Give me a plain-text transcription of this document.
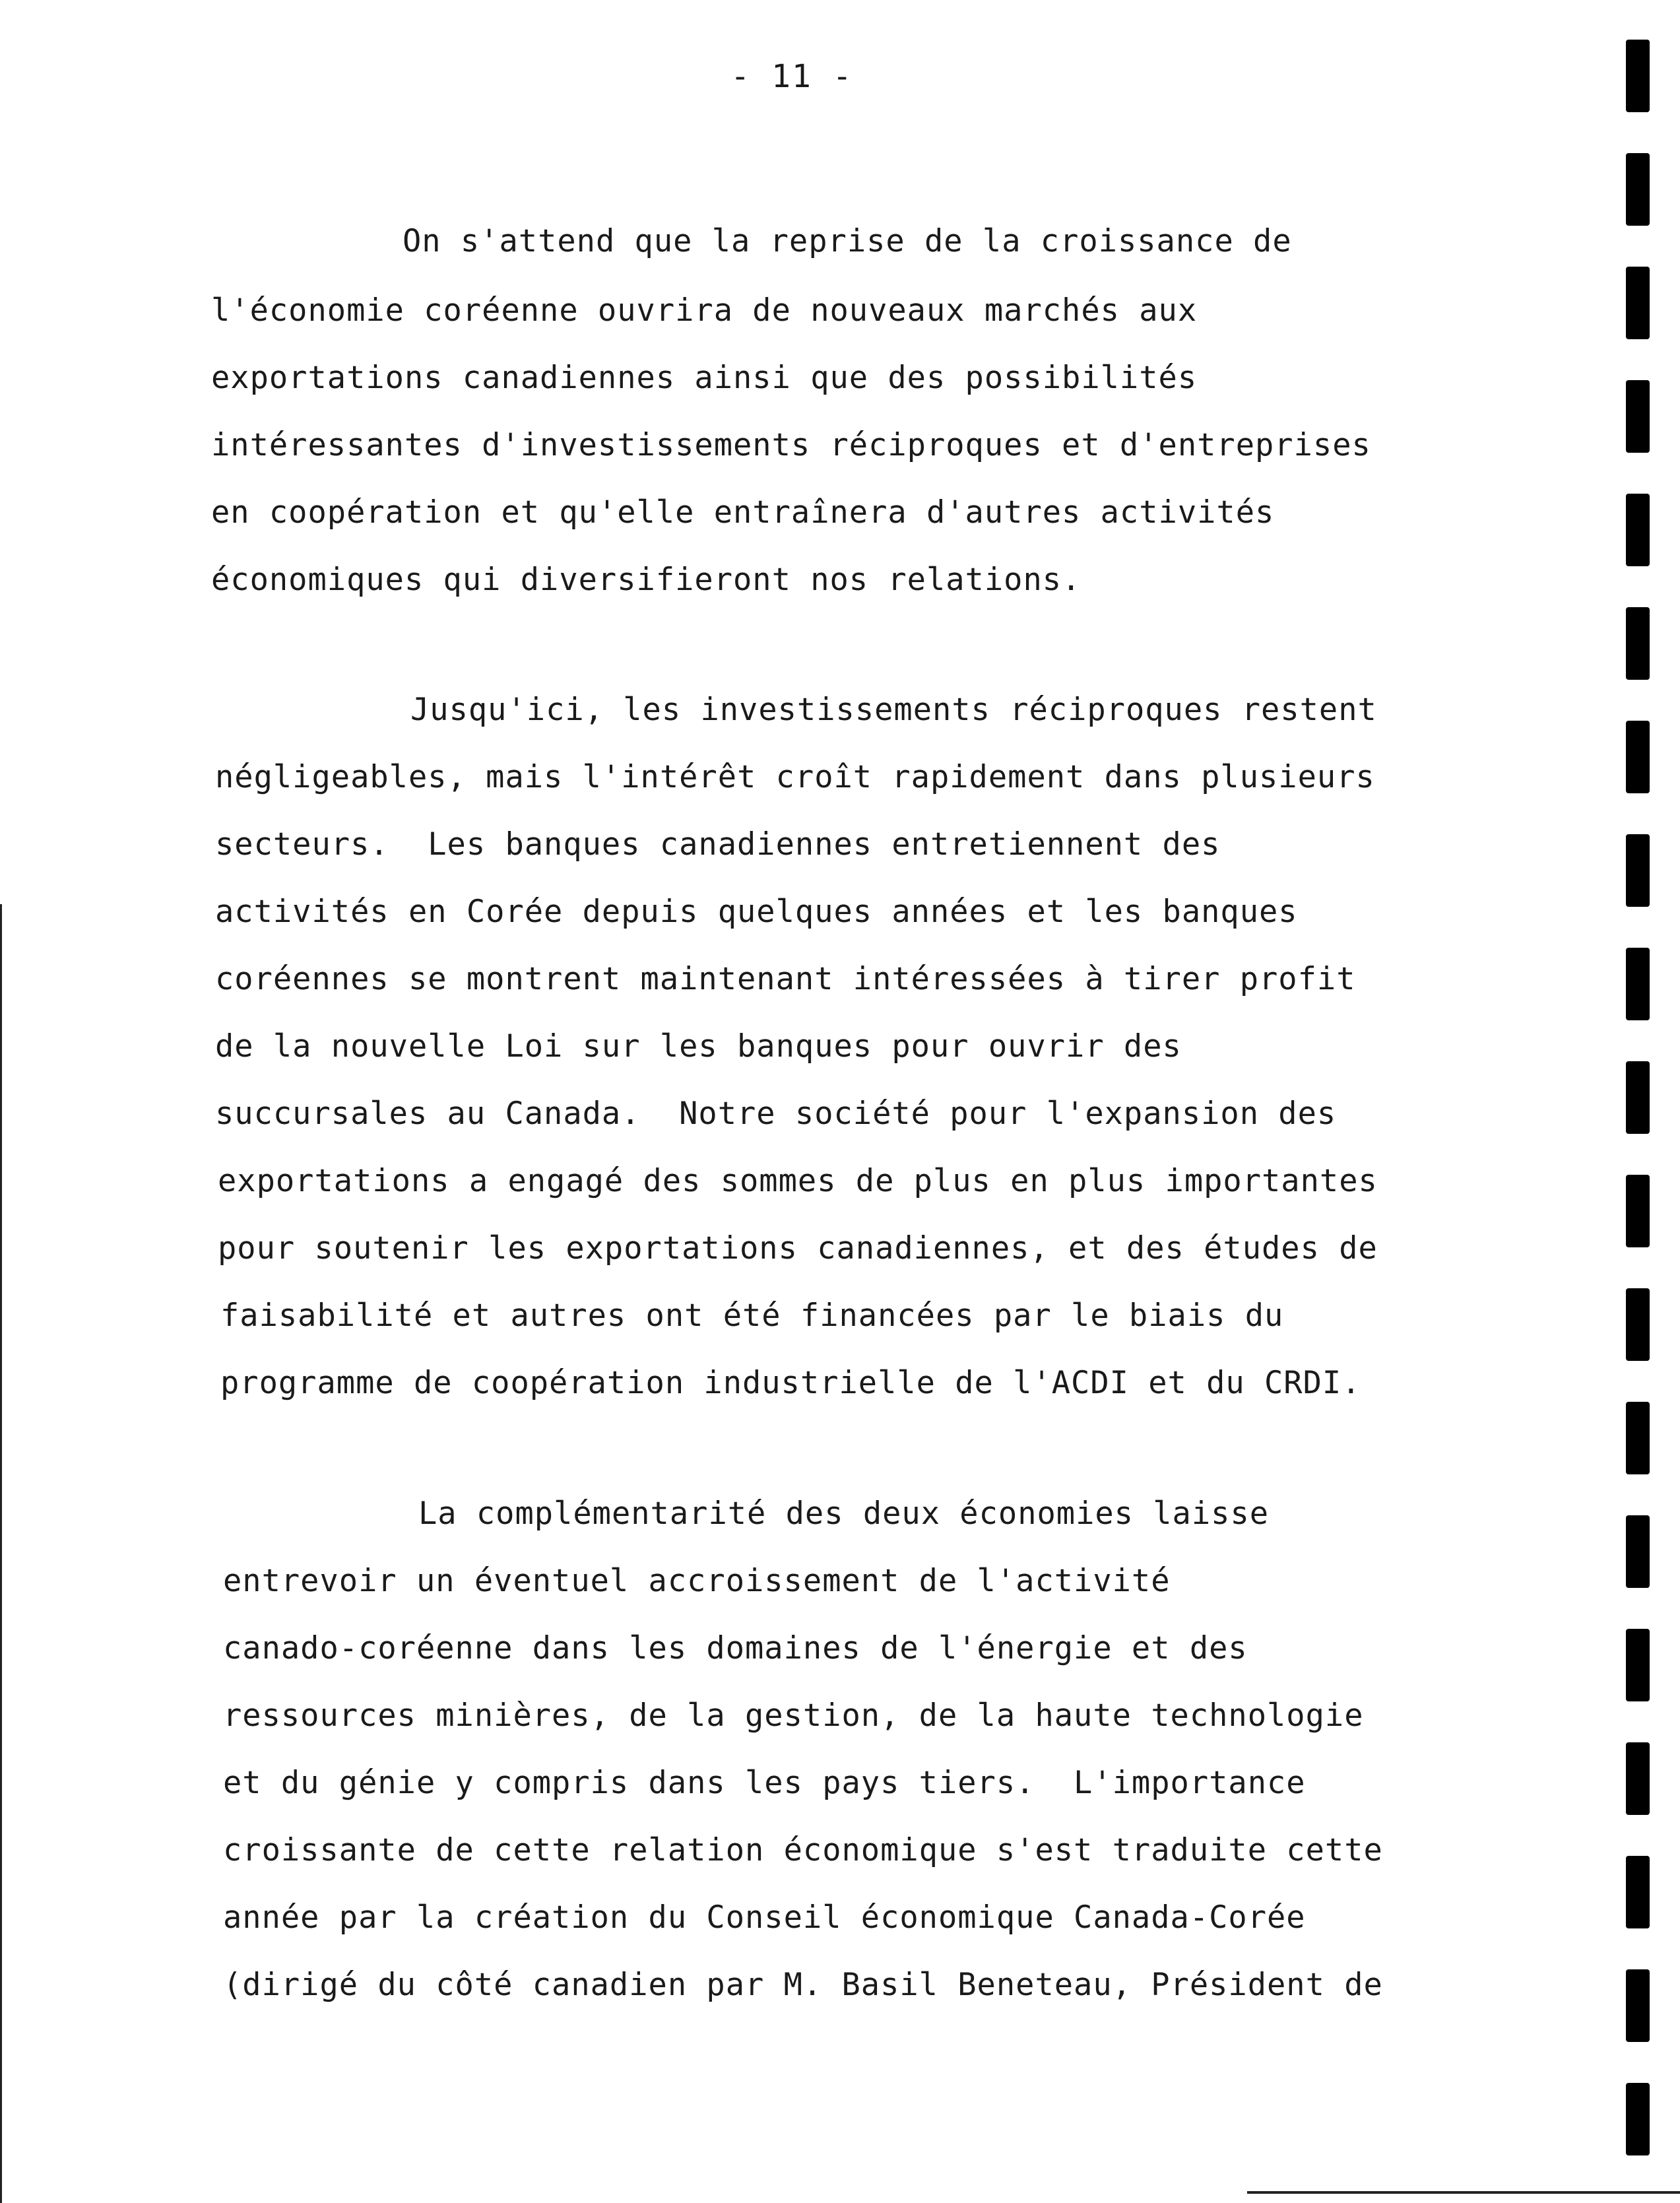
- 11 -
On s'attend que la reprise de la croissance de
l'économie coréenne ouvrira de nouveaux marchés aux
exportations canadiennes ainsi que des possibilités
intéressantes d'investissements réciproques et d'entreprises
en coopération et qu'elle entraînera d'autres activités
économiques qui diversifieront nos relations.
Jusqu'ici, les investissements réciproques restent
négligeables, mais l'intérêt croît rapidement dans plusieurs
secteurs.  Les banques canadiennes entretiennent des
activités en Corée depuis quelques années et les banques
coréennes se montrent maintenant intéressées à tirer profit
de la nouvelle Loi sur les banques pour ouvrir des
succursales au Canada.  Notre société pour l'expansion des
exportations a engagé des sommes de plus en plus importantes
pour soutenir les exportations canadiennes, et des études de
faisabilité et autres ont été financées par le biais du
programme de coopération industrielle de l'ACDI et du CRDI.
La complémentarité des deux économies laisse
entrevoir un éventuel accroissement de l'activité
canado-coréenne dans les domaines de l'énergie et des
ressources minières, de la gestion, de la haute technologie
et du génie y compris dans les pays tiers.  L'importance
croissante de cette relation économique s'est traduite cette
année par la création du Conseil économique Canada-Corée
(dirigé du côté canadien par M. Basil Beneteau, Président de
